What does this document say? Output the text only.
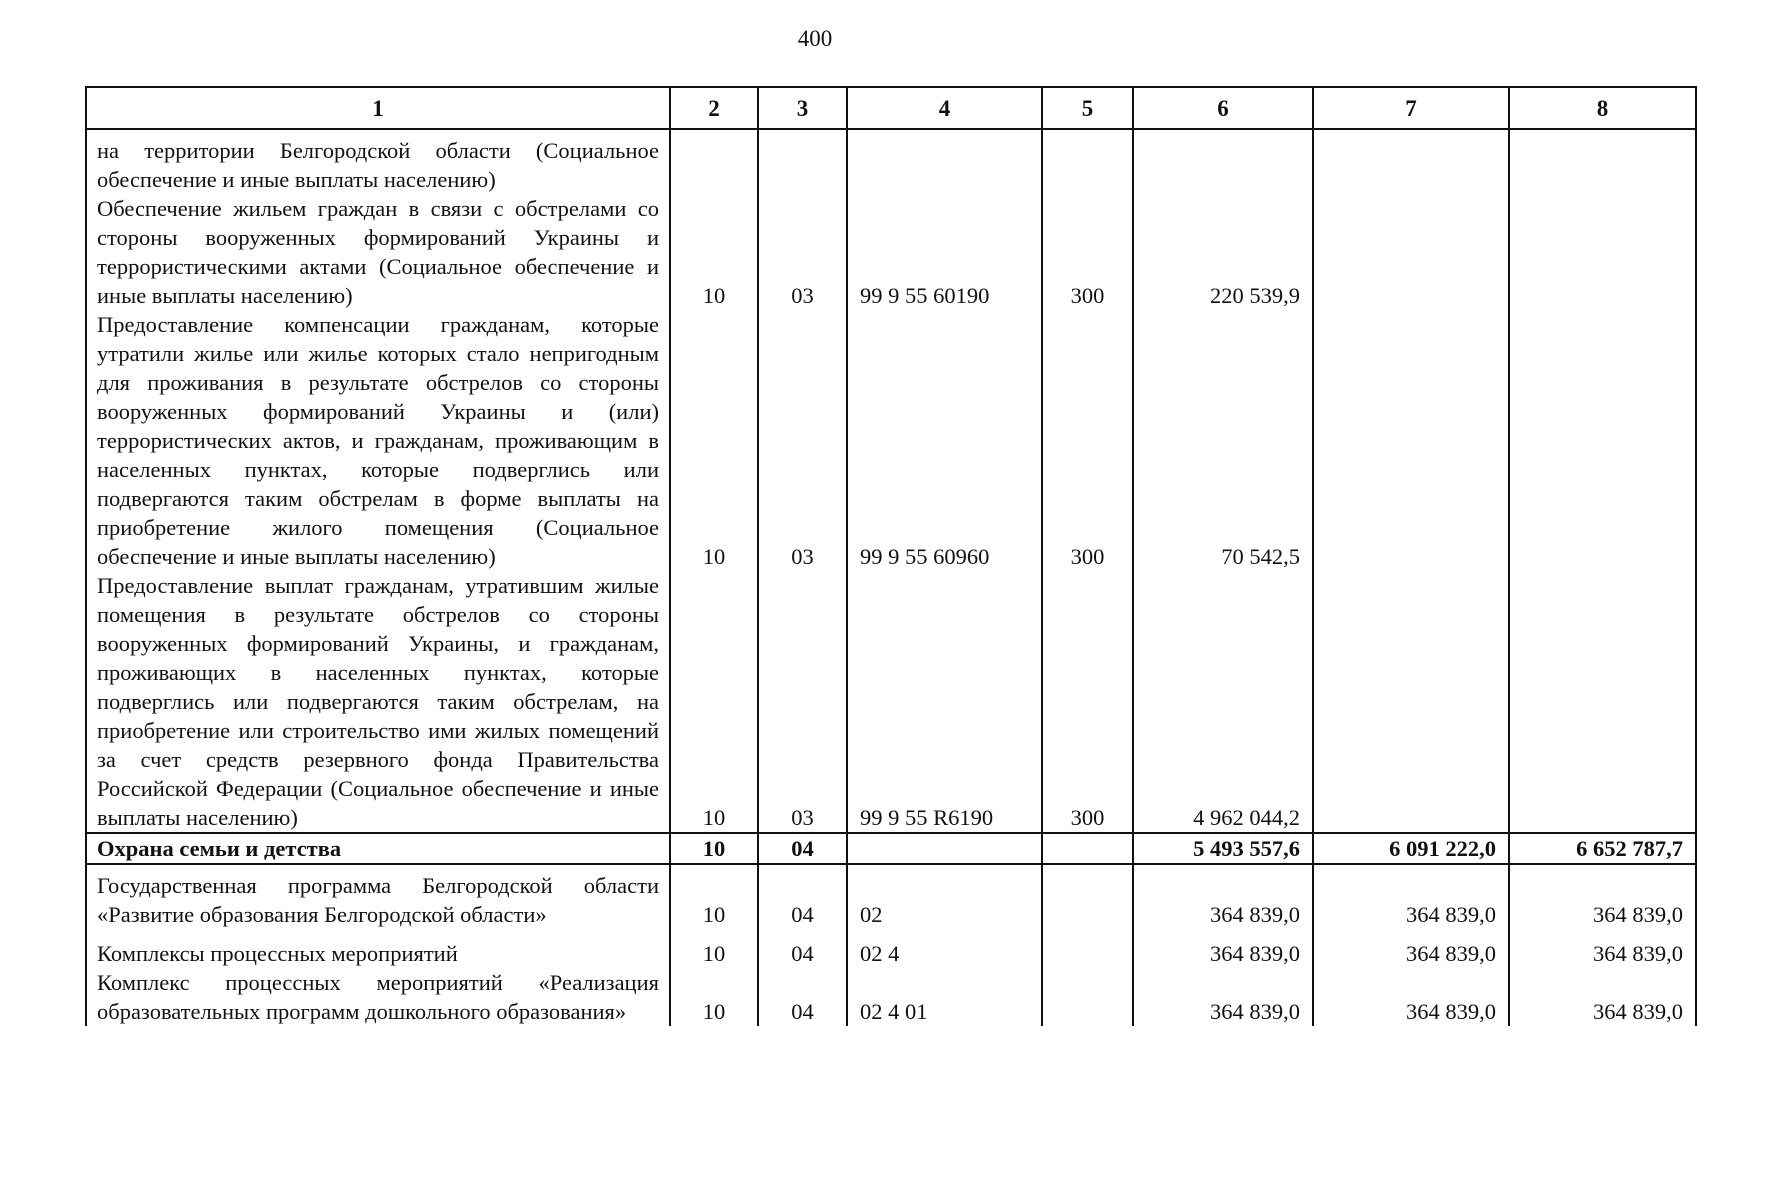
400
1	2	3	4	5	6	7	8
на территории Белгородской области (Социальное обеспечение и иные выплаты населению)							
Обеспечение жильем граждан в связи с обстрелами со стороны вооруженных формирований Украины и террористическими актами (Социальное обеспечение и иные выплаты населению)	10	03	99 9 55 60190	300	220 539,9		
Предоставление компенсации гражданам, которые утратили жилье или жилье которых стало непригодным для проживания в результате обстрелов со стороны вооруженных формирований Украины и (или) террористических актов, и гражданам, проживающим в населенных пунктах, которые подверглись или подвергаются таким обстрелам в форме выплаты на приобретение жилого помещения (Социальное обеспечение и иные выплаты населению)	10	03	99 9 55 60960	300	70 542,5		
Предоставление выплат гражданам, утратившим жилые помещения в результате обстрелов со стороны вооруженных формирований Украины, и гражданам, проживающих в населенных пунктах, которые подверглись или подвергаются таким обстрелам, на приобретение или строительство ими жилых помещений за счет средств резервного фонда Правительства Российской Федерации (Социальное обеспечение и иные выплаты населению)	10	03	99 9 55 R6190	300	4 962 044,2		
Охрана семьи и детства	10	04			5 493 557,6	6 091 222,0	6 652 787,7
Государственная программа Белгородской области «Развитие образования Белгородской области»	10	04	02		364 839,0	364 839,0	364 839,0
Комплексы процессных мероприятий	10	04	02 4		364 839,0	364 839,0	364 839,0
Комплекс процессных мероприятий «Реализация образовательных программ дошкольного образования»	10	04	02 4 01		364 839,0	364 839,0	364 839,0
